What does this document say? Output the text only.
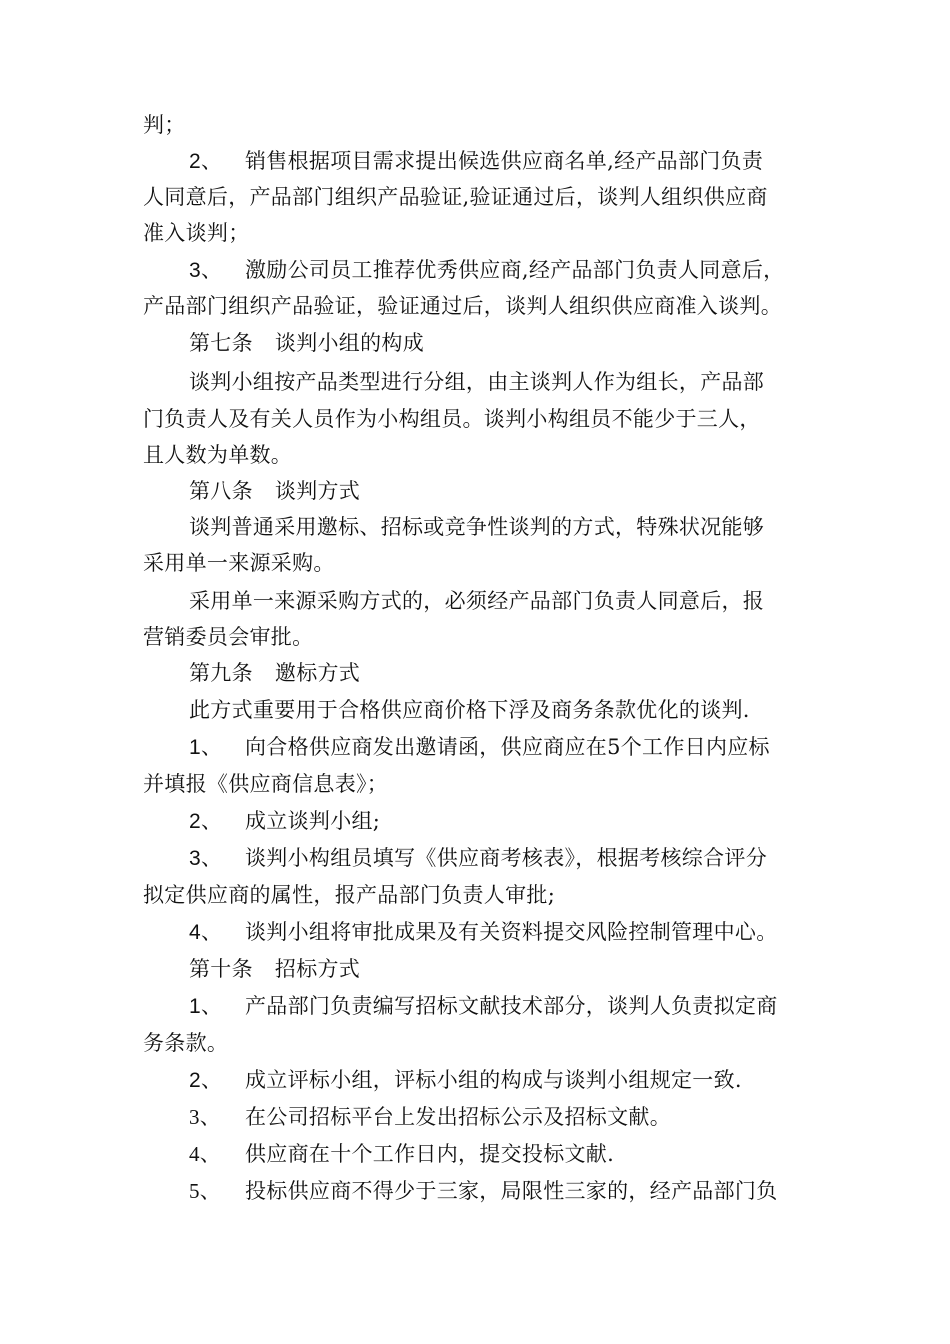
判；
2、 销售根据项目需求提出候选供应商名单,经产品部门负责
人同意后，产品部门组织产品验证,验证通过后，谈判人组织供应商
准入谈判；
3、 激励公司员工推荐优秀供应商,经产品部门负责人同意后，
产品部门组织产品验证，验证通过后，谈判人组织供应商准入谈判。
第七条 谈判小组的构成
谈判小组按产品类型进行分组，由主谈判人作为组长，产品部
门负责人及有关人员作为小构组员。谈判小构组员不能少于三人，
且人数为单数。
第八条 谈判方式
谈判普通采用邀标、招标或竞争性谈判的方式，特殊状况能够
采用单一来源采购。
采用单一来源采购方式的，必须经产品部门负责人同意后，报
营销委员会审批。
第九条 邀标方式
此方式重要用于合格供应商价格下浮及商务条款优化的谈判.
1、 向合格供应商发出邀请函，供应商应在5个工作日内应标
并填报《供应商信息表》；
2、 成立谈判小组;
3、 谈判小构组员填写《供应商考核表》，根据考核综合评分
拟定供应商的属性，报产品部门负责人审批;
4、 谈判小组将审批成果及有关资料提交风险控制管理中心。
第十条 招标方式
1、 产品部门负责编写招标文献技术部分，谈判人负责拟定商
务条款。
2、 成立评标小组，评标小组的构成与谈判小组规定一致.
3、 在公司招标平台上发出招标公示及招标文献。
4、 供应商在十个工作日内，提交投标文献.
5、 投标供应商不得少于三家，局限性三家的，经产品部门负
